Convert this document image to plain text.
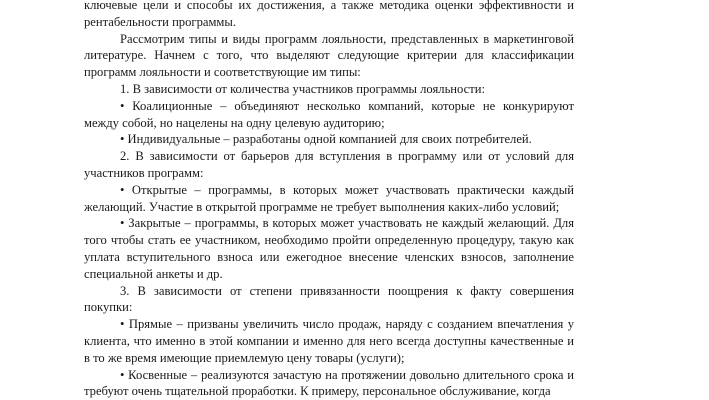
ключевые цели и способы их достижения, а также методика оценки эффективности и рентабельности программы.

Рассмотрим типы и виды программ лояльности, представленных в маркетинговой литературе. Начнем с того, что выделяют следующие критерии для классификации программ лояльности и соответствующие им типы:

1. В зависимости от количества участников программы лояльности:

• Коалиционные – объединяют несколько компаний, которые не конкурируют между собой, но нацелены на одну целевую аудиторию;

• Индивидуальные – разработаны одной компанией для своих потребителей.

2. В зависимости от барьеров для вступления в программу или от условий для участников программ:

• Открытые – программы, в которых может участвовать практически каждый желающий. Участие в открытой программе не требует выполнения каких-либо условий;

• Закрытые – программы, в которых может участвовать не каждый желающий. Для того чтобы стать ее участником, необходимо пройти определенную процедуру, такую как уплата вступительного взноса или ежегодное внесение членских взносов, заполнение специальной анкеты и др.

3. В зависимости от степени привязанности поощрения к факту совершения покупки:

• Прямые – призваны увеличить число продаж, наряду с созданием впечатления у клиента, что именно в этой компании и именно для него всегда доступны качественные и в то же время имеющие приемлемую цену товары (услуги);

• Косвенные – реализуются зачастую на протяжении довольно длительного срока и требуют очень тщательной проработки. К примеру, персональное обслуживание, когда
